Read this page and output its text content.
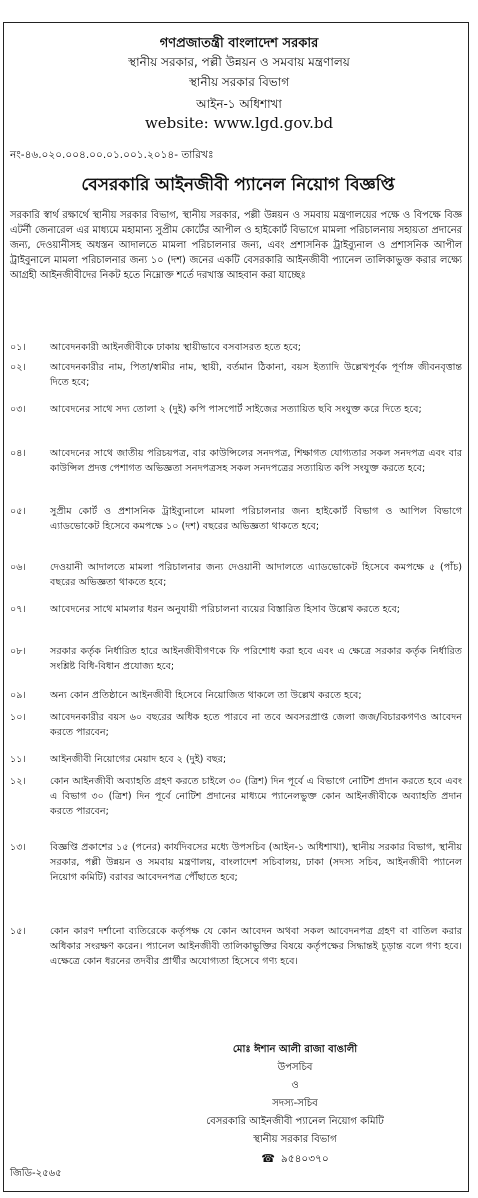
গণপ্রজাতন্ত্রী বাংলাদেশ সরকার
স্থানীয় সরকার, পল্লী উন্নয়ন ও সমবায় মন্ত্রণালয়
স্থানীয় সরকার বিভাগ
আইন-১ অধিশাখা
website: www.lgd.gov.bd
নং-৪৬.০২০.০০৪.০০.০১.০০১.২০১৪- তারিখঃ
বেসরকারি আইনজীবী প্যানেল নিয়োগ বিজ্ঞপ্তি
সরকারি স্বার্থ রক্ষার্থে স্থানীয় সরকার বিভাগ, স্থানীয় সরকার, পল্লী উন্নয়ন ও সমবায় মন্ত্রণালয়ের পক্ষে ও বিপক্ষে বিজ্ঞ এটর্নী জেনারেল এর মাধ্যমে মহামান্য সুপ্রীম কোর্টের আপীল ও হাইকোর্ট বিভাগে মামলা পরিচালনায় সহায়তা প্রদানের জন্য, দেওয়ানীসহ অধস্তন আদালতে মামলা পরিচালনার জন্য, এবং প্রশাসনিক ট্রাইব্যুনাল ও প্রশাসনিক আপীল ট্রাইবুনালে মামলা পরিচালনার জন্য ১০ (দশ) জনের একটি বেসরকারি আইনজীবী প্যানেল তালিকাভুক্ত করার লক্ষ্যে আগ্রহী আইনজীবীদের নিকট হতে নিম্নোক্ত শর্তে দরখাস্ত আহবান করা যাচ্ছেঃ
০১।	আবেদনকারী আইনজীবীকে ঢাকায় স্থায়ীভাবে বসবাসরত হতে হবে;
০২।	আবেদনকারীর নাম, পিতা/স্বামীর নাম, স্থায়ী, বর্তমান ঠিকানা, বয়স ইত্যাদি উল্লেখপূর্বক পূর্ণাঙ্গ জীবনবৃত্তান্ত দিতে হবে;
০৩।	আবেদনের সাথে সদ্য তোলা ২ (দুই) কপি পাসপোর্ট সাইজের সত্যায়িত ছবি সংযুক্ত করে দিতে হবে;
০৪।	আবেদনের সাথে জাতীয় পরিচয়পত্র, বার কাউন্সিলের সনদপত্র, শিক্ষাগত যোগ্যতার সকল সনদপত্র এবং বার কাউন্সিল প্রদত্ত পেশাগত অভিজ্ঞতা সনদপত্রসহ সকল সনদপত্রের সত্যায়িত কপি সংযুক্ত করতে হবে;
০৫।	সুপ্রীম কোর্ট ও প্রশাসনিক ট্রাইব্যুনালে মামলা পরিচালনার জন্য হাইকোর্ট বিভাগ ও আপিল বিভাগে এ্যাডভোকেট হিসেবে কমপক্ষে ১০ (দশ) বছরের অভিজ্ঞতা থাকতে হবে;
০৬।	দেওয়ানী আদালতে মামলা পরিচালনার জন্য দেওয়ানী আদালতে এ্যাডভোকেট হিসেবে কমপক্ষে ৫ (পাঁচ) বছরের অভিজ্ঞতা থাকতে হবে;
০৭।	আবেদনের সাথে মামলার ধরন অনুযায়ী পরিচালনা ব্যয়ের বিস্তারিত হিসাব উল্লেখ করতে হবে;
০৮।	সরকার কর্তৃক নির্ধারিত হারে আইনজীবীগণকে ফি পরিশোধ করা হবে এবং এ ক্ষেত্রে সরকার কর্তৃক নির্ধারিত সংশ্লিষ্ট বিধি-বিধান প্রযোজ্য হবে;
০৯।	অন্য কোন প্রতিষ্ঠানে আইনজীবী হিসেবে নিয়োজিত থাকলে তা উল্লেখ করতে হবে;
১০।	আবেদনকারীর বয়স ৬০ বছরের অধিক হতে পারবে না তবে অবসরপ্রাপ্ত জেলা জজ/বিচারকগণও আবেদন করতে পারবেন;
১১।	আইনজীবী নিয়োগের মেয়াদ হবে ২ (দুই) বছর;
১২।	কোন আইনজীবী অব্যাহতি গ্রহণ করতে চাইলে ৩০ (ত্রিশ) দিন পূর্বে এ বিভাগে নোটিশ প্রদান করতে হবে এবং এ বিভাগ ৩০ (ত্রিশ) দিন পূর্বে নোটিশ প্রদানের মাধ্যমে প্যানেলভুক্ত কোন আইনজীবীকে অব্যাহতি প্রদান করতে পারবেন;
১৩।	বিজ্ঞপ্তি প্রকাশের ১৫ (পনের) কার্যদিবসের মধ্যে উপসচিব (আইন-১ অধিশাখা), স্থানীয় সরকার বিভাগ, স্থানীয় সরকার, পল্লী উন্নয়ন ও সমবায় মন্ত্রণালয়, বাংলাদেশ সচিবালয়, ঢাকা (সদস্য সচিব, আইনজীবী প্যানেল নিয়োগ কমিটি) বরাবর আবেদনপত্র পৌঁছাতে হবে;
১৫।	কোন কারণ দর্শানো ব্যতিরেকে কর্তৃপক্ষ যে কোন আবেদন অথবা সকল আবেদনপত্র গ্রহণ বা বাতিল করার অধিকার সংরক্ষণ করেন। প্যানেল আইনজীবী তালিকাভুক্তির বিষয়ে কর্তৃপক্ষের সিদ্ধান্তই চূড়ান্ত বলে গণ্য হবে। এক্ষেত্রে কোন ধরনের তদবীর প্রার্থীর অযোগ্যতা হিসেবে গণ্য হবে।
মোঃ ঈশান আলী রাজা বাঙালী
উপসচিব
ও
সদস্য-সচিব
বেসরকারি আইনজীবী প্যানেল নিয়োগ কমিটি
স্থানীয় সরকার বিভাগ
☎ ৯৫৪০৩৭০
জিডি-২৫৬৫
